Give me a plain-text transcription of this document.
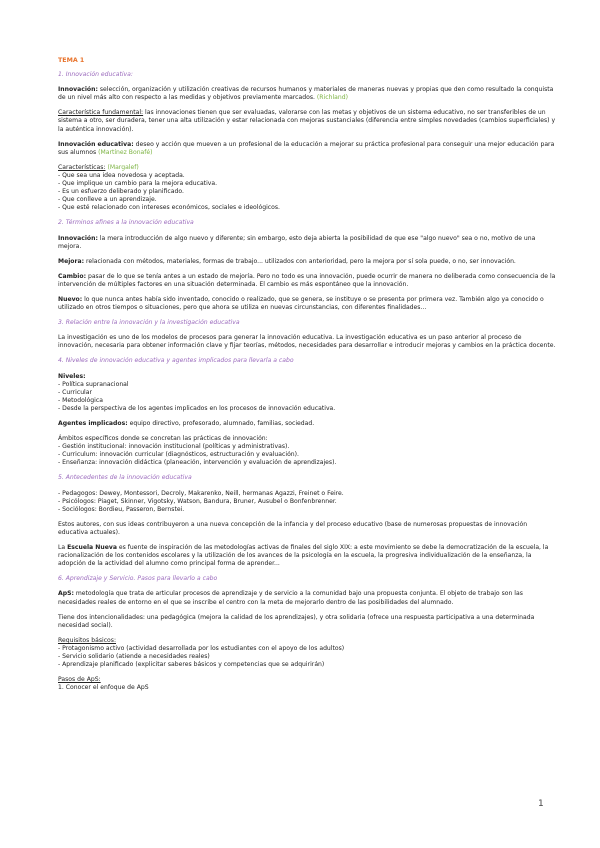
TEMA 1

1. Innovación educativa:

Innovación: selección, organización y utilización creativas de recursos humanos y materiales de maneras nuevas y propias que den como resultado la conquista de un nivel más alto con respecto a las medidas y objetivos previamente marcados. (Richland)

Característica fundamental: las innovaciones tienen que ser evaluadas, valorarse con las metas y objetivos de un sistema educativo, no ser transferibles de un sistema a otro, ser duradera, tener una alta utilización y estar relacionada con mejoras sustanciales (diferencia entre simples novedades (cambios superficiales) y la auténtica innovación).

Innovación educativa: deseo y acción que mueven a un profesional de la educación a mejorar su práctica profesional para conseguir una mejor educación para sus alumnos (Martínez Bonafé)

Características: (Margalef)

- Que sea una idea novedosa y aceptada.

- Que implique un cambio para la mejora educativa.

- Es un esfuerzo deliberado y planificado.

- Que conlleve a un aprendizaje.

- Que esté relacionado con intereses económicos, sociales e ideológicos.

2. Términos afines a la innovación educativa

Innovación: la mera introducción de algo nuevo y diferente; sin embargo, esto deja abierta la posibilidad de que ese "algo nuevo" sea o no, motivo de una mejora.

Mejora: relacionada con métodos, materiales, formas de trabajo... utilizados con anterioridad, pero la mejora por sí sola puede, o no, ser innovación.

Cambio: pasar de lo que se tenía antes a un estado de mejoría. Pero no todo es una innovación, puede ocurrir de manera no deliberada como consecuencia de la intervención de múltiples factores en una situación determinada. El cambio es más espontáneo que la innovación.

Nuevo: lo que nunca antes había sido inventado, conocido o realizado, que se genera, se instituye o se presenta por primera vez. También algo ya conocido o utilizado en otros tiempos o situaciones, pero que ahora se utiliza en nuevas circunstancias, con diferentes finalidades...

3. Relación entre la innovación y la investigación educativa

La investigación es uno de los modelos de procesos para generar la innovación educativa. La investigación educativa es un paso anterior al proceso de innovación, necesaria para obtener información clave y fijar teorías, métodos, necesidades para desarrollar e introducir mejoras y cambios en la práctica docente.

4. Niveles de innovación educativa y agentes implicados para llevarla a cabo

Niveles:

- Política supranacional

- Curricular

- Metodológica

- Desde la perspectiva de los agentes implicados en los procesos de innovación educativa.

Agentes implicados: equipo directivo, profesorado, alumnado, familias, sociedad.

Ámbitos específicos donde se concretan las prácticas de innovación:

- Gestión institucional: innovación institucional (políticas y administrativas).

- Curriculum: innovación curricular (diagnósticos, estructuración y evaluación).

- Enseñanza: innovación didáctica (planeación, intervención y evaluación de aprendizajes).

5. Antecedentes de la innovación educativa

- Pedagogos: Dewey, Montessori, Decroly, Makarenko, Neill, hermanas Agazzi, Freinet o Feire.

- Psicólogos: Piaget, Skinner, Vigotsky, Watson, Bandura, Bruner, Ausubel o Bonfenbrenner.

- Sociólogos: Bordieu, Passeron, Bernstei.

Estos autores, con sus ideas contribuyeron a una nueva concepción de la infancia y del proceso educativo (base de numerosas propuestas de innovación educativa actuales).

La Escuela Nueva es fuente de inspiración de las metodologías activas de finales del siglo XIX: a este movimiento se debe la democratización de la escuela, la racionalización de los contenidos escolares y la utilización de los avances de la psicología en la escuela, la progresiva individualización de la enseñanza, la adopción de la actividad del alumno como principal forma de aprender...

6. Aprendizaje y Servicio. Pasos para llevarlo a cabo

ApS: metodología que trata de articular procesos de aprendizaje y de servicio a la comunidad bajo una propuesta conjunta. El objeto de trabajo son las necesidades reales de entorno en el que se inscribe el centro con la meta de mejorarlo dentro de las posibilidades del alumnado.

Tiene dos intencionalidades: una pedagógica (mejora la calidad de los aprendizajes), y otra solidaria (ofrece una respuesta participativa a una determinada necesidad social).

Requisitos básicos:

- Protagonismo activo (actividad desarrollada por los estudiantes con el apoyo de los adultos)

- Servicio solidario (atiende a necesidades reales)

- Aprendizaje planificado (explicitar saberes básicos y competencias que se adquirirán)

Pasos de ApS:

1. Conocer el enfoque de ApS

1
